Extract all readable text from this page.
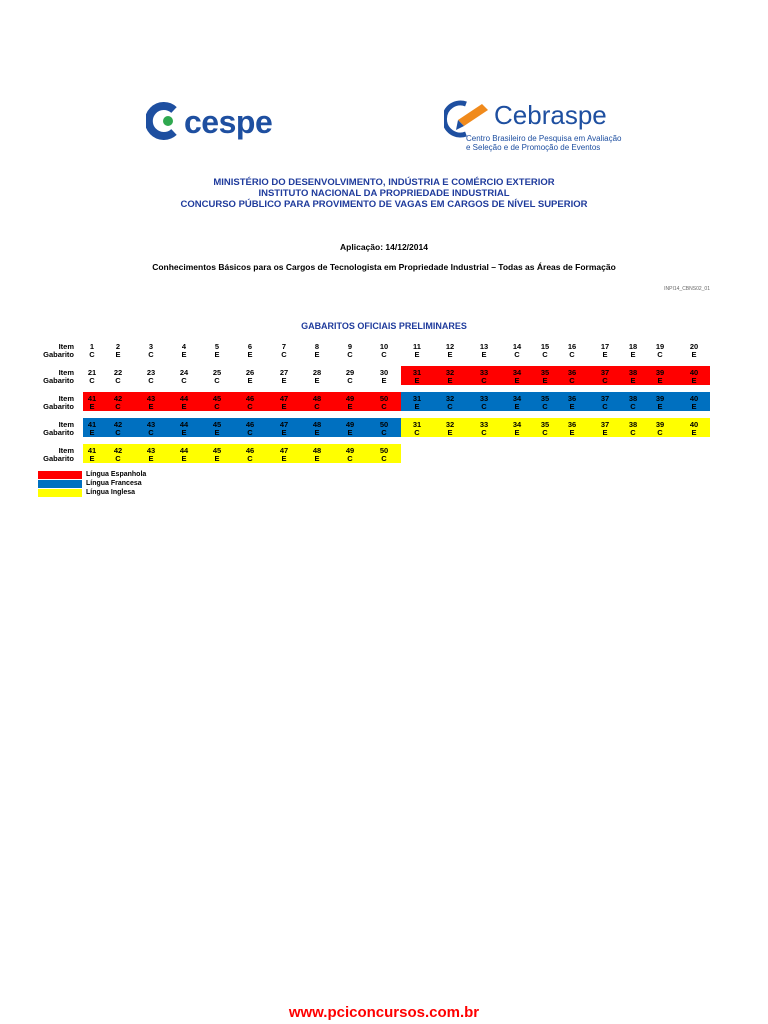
cespe	Cebraspe
Centro Brasileiro de Pesquisa em Avaliação
e Seleção e de Promoção de Eventos
MINISTÉRIO DO DESENVOLVIMENTO, INDÚSTRIA E COMÉRCIO EXTERIOR
INSTITUTO NACIONAL DA PROPRIEDADE INDUSTRIAL
CONCURSO PÚBLICO PARA PROVIMENTO DE VAGAS EM CARGOS DE NÍVEL SUPERIOR
Aplicação: 14/12/2014
Conhecimentos Básicos para os Cargos de Tecnologista em Propriedade Industrial – Todas as Áreas de Formação
INPI14_CBNS02_01
GABARITOS OFICIAIS PRELIMINARES
Item
Gabarito
1
C
2
E
3
C
4
E
5
E
6
E
7
C
8
E
9
C
10
C
11
E
12
E
13
E
14
C
15
C
16
C
17
E
18
E
19
C
20
E
Item
Gabarito
21
C
22
C
23
C
24
C
25
C
26
E
27
E
28
E
29
C
30
E
31
E
32
E
33
C
34
E
35
E
36
C
37
C
38
E
39
E
40
E
Item
Gabarito
41
E
42
C
43
E
44
E
45
C
46
C
47
E
48
C
49
E
50
C
31
E
32
C
33
C
34
E
35
C
36
E
37
C
38
C
39
E
40
E
Item
Gabarito
41
E
42
C
43
C
44
E
45
E
46
C
47
E
48
E
49
E
50
C
31
C
32
E
33
C
34
E
35
C
36
E
37
E
38
C
39
C
40
E
Item
Gabarito
41
E
42
C
43
E
44
E
45
E
46
C
47
E
48
E
49
C
50
C
Língua Espanhola
Língua Francesa
Língua Inglesa
www.pciconcursos.com.br
